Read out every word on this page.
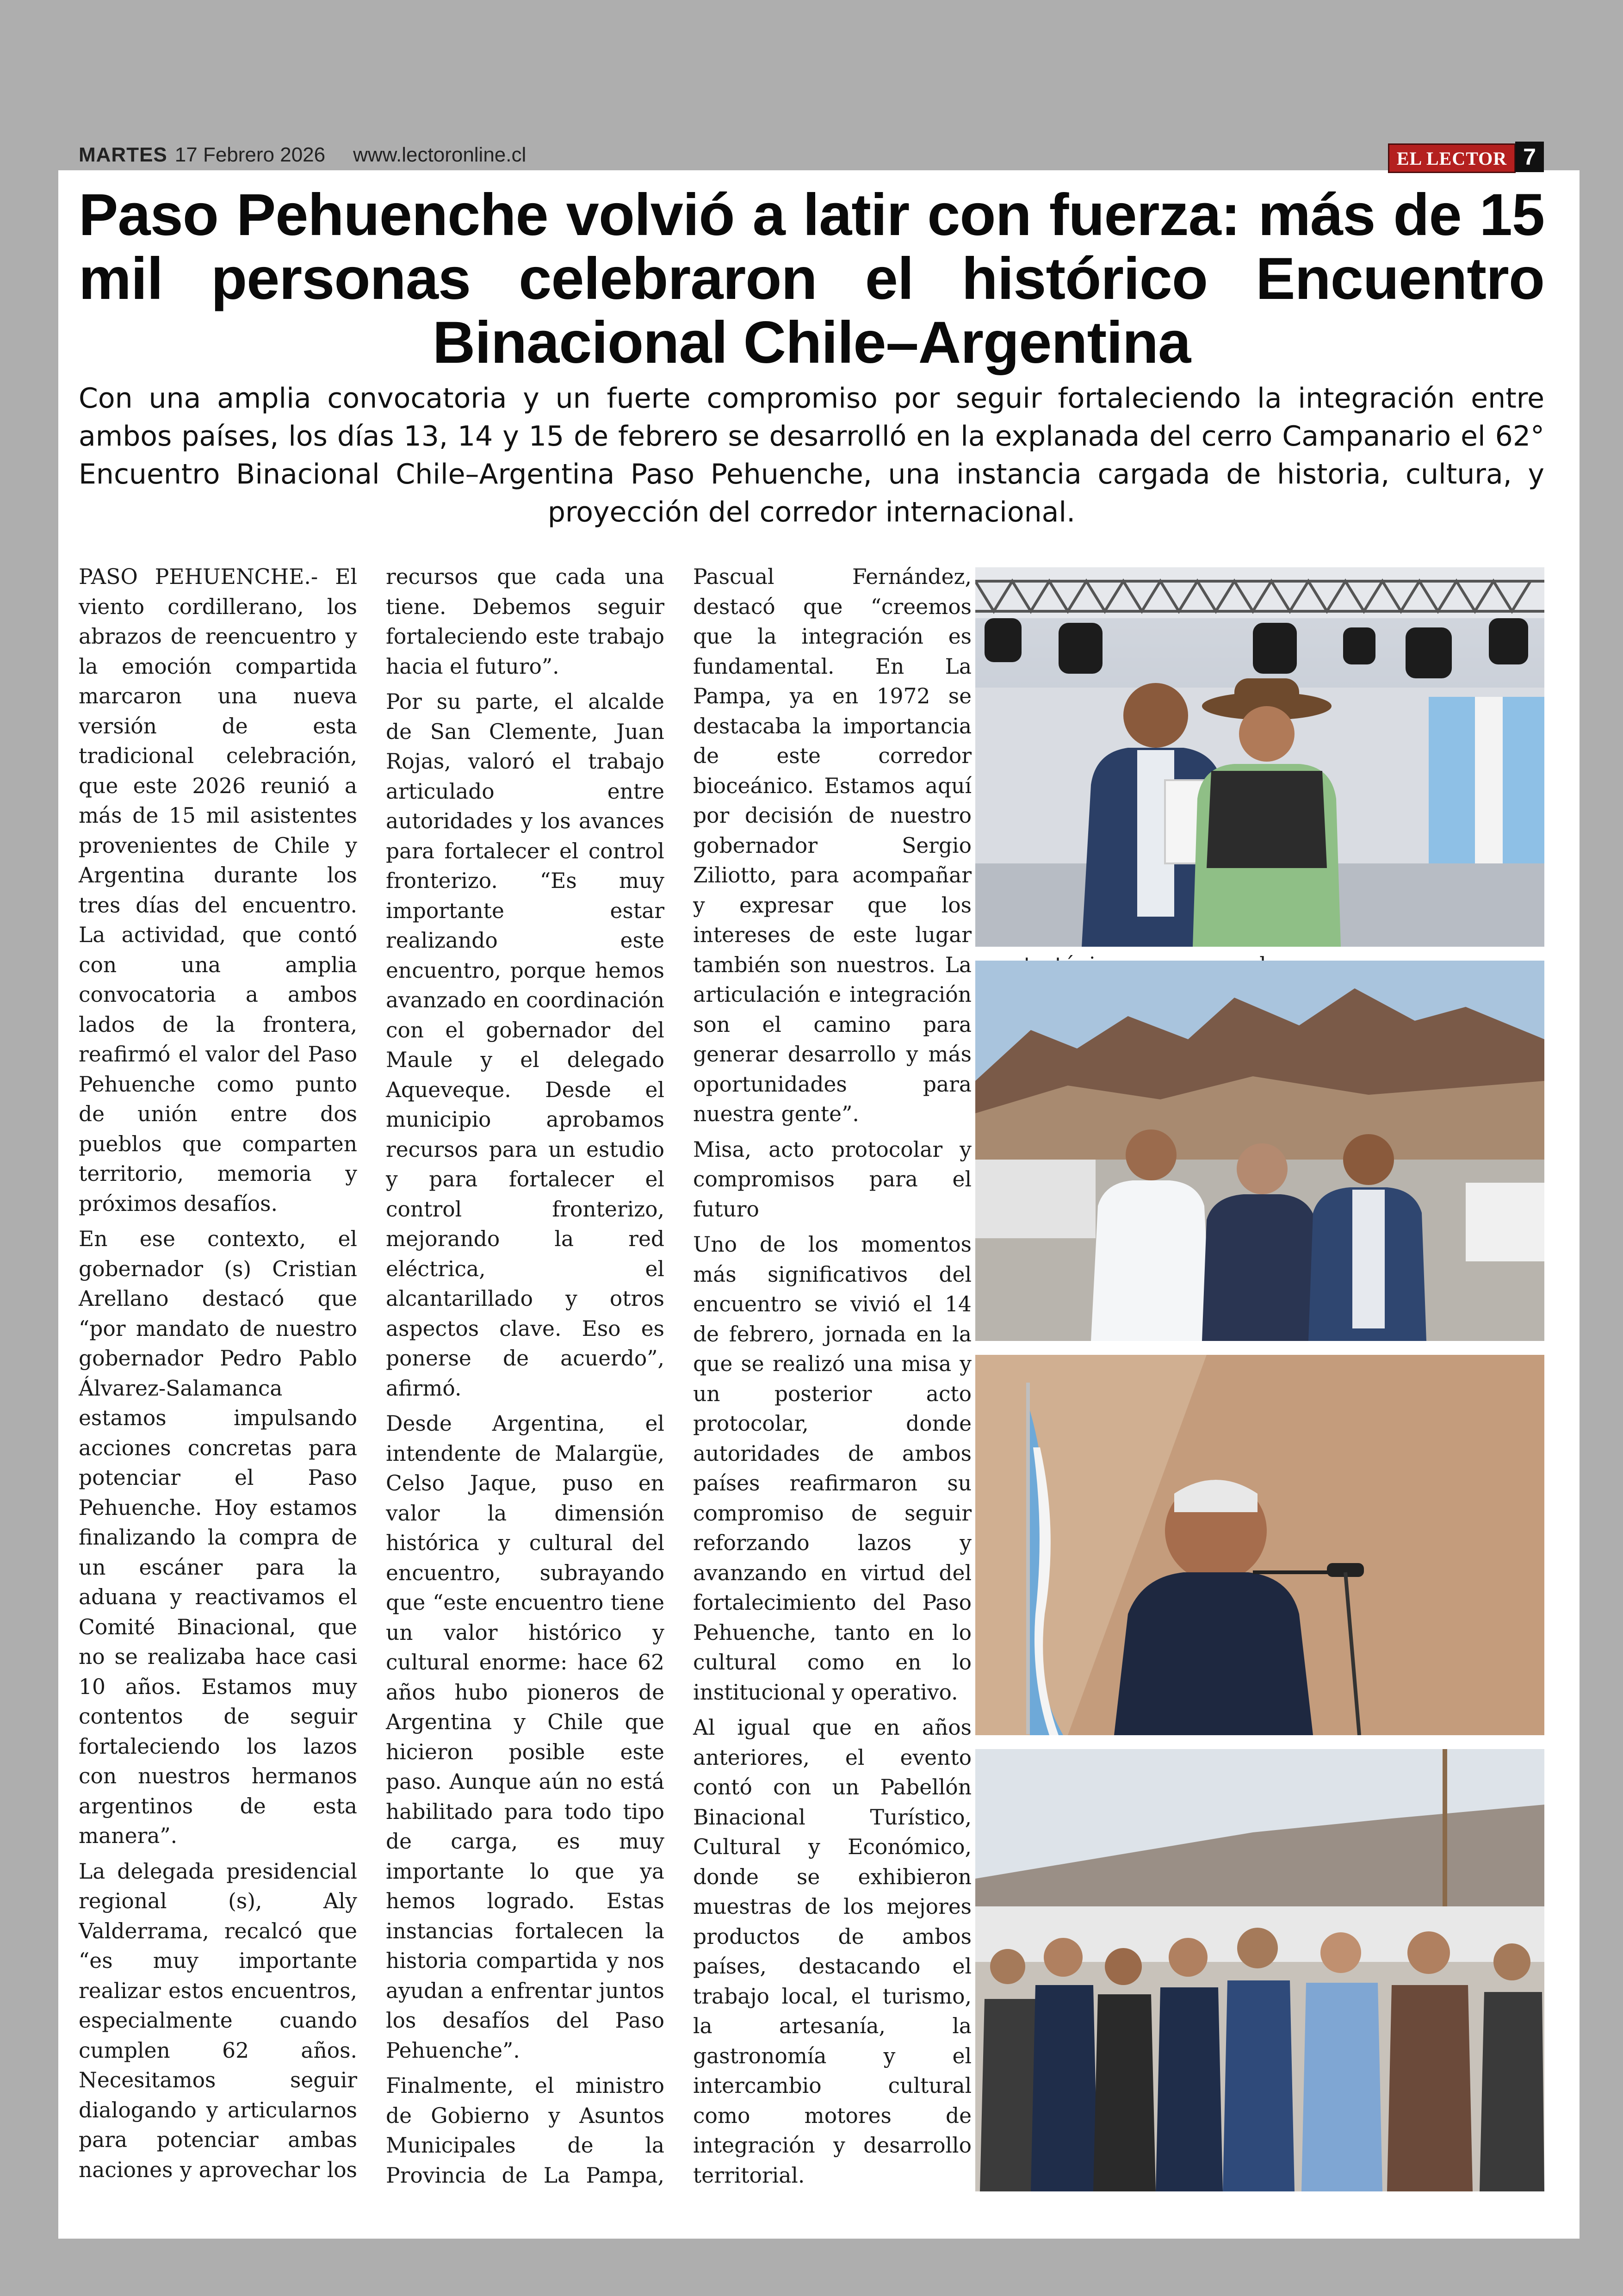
MARTES 17 Febrero 2026 www.lectoronline.cl	EL LECTOR 7
Paso Pehuenche volvió a latir con fuerza: más de 15 mil personas celebraron el histórico Encuentro Binacional Chile–Argentina

Con una amplia convocatoria y un fuerte compromiso por seguir fortaleciendo la integración entre ambos países, los días 13, 14 y 15 de febrero se desarrolló en la explanada del cerro Campanario el 62° Encuentro Binacional Chile–Argentina Paso Pehuenche, una instancia cargada de historia, cultura, y proyección del corredor internacional.

PASO PEHUENCHE.- El viento cordillerano, los abrazos de reencuentro y la emoción compartida marcaron una nueva versión de esta tradicional celebración, que este 2026 reunió a más de 15 mil asistentes provenientes de Chile y Argentina durante los tres días del encuentro. La actividad, que contó con una amplia convocatoria a ambos lados de la frontera, reafirmó el valor del Paso Pehuenche como punto de unión entre dos pueblos que comparten territorio, memoria y próximos desafíos.

En ese contexto, el gobernador (s) Cristian Arellano destacó que “por mandato de nuestro gobernador Pedro Pablo Álvarez-Salamanca estamos impulsando acciones concretas para potenciar el Paso Pehuenche. Hoy estamos finalizando la compra de un escáner para la aduana y reactivamos el Comité Binacional, que no se realizaba hace casi 10 años. Estamos muy contentos de seguir fortaleciendo los lazos con nuestros hermanos argentinos de esta manera”.

La delegada presidencial regional (s), Aly Valderrama, recalcó que “es muy importante realizar estos encuentros, especialmente cuando cumplen 62 años. Necesitamos seguir dialogando y articularnos para potenciar ambas naciones y aprovechar los recursos que cada una tiene. Debemos seguir fortaleciendo este trabajo hacia el futuro”.

Por su parte, el alcalde de San Clemente, Juan Rojas, valoró el trabajo articulado entre autoridades y los avances para fortalecer el control fronterizo. “Es muy importante estar realizando este encuentro, porque hemos avanzado en coordinación con el gobernador del Maule y el delegado Aqueveque. Desde el municipio aprobamos recursos para un estudio y para fortalecer el control fronterizo, mejorando la red eléctrica, el alcantarillado y otros aspectos clave. Eso es ponerse de acuerdo”, afirmó.

Desde Argentina, el intendente de Malargüe, Celso Jaque, puso en valor la dimensión histórica y cultural del encuentro, subrayando que “este encuentro tiene un valor histórico y cultural enorme: hace 62 años hubo pioneros de Argentina y Chile que hicieron posible este paso. Aunque aún no está habilitado para todo tipo de carga, es muy importante lo que ya hemos logrado. Estas instancias fortalecen la historia compartida y nos ayudan a enfrentar juntos los desafíos del Paso Pehuenche”.

Finalmente, el ministro de Gobierno y Asuntos Municipales de la Provincia de La Pampa, Pascual Fernández, destacó que “creemos que la integración es fundamental. En La Pampa, ya en 1972 se destacaba la importancia de este corredor bioceánico. Estamos aquí por decisión de nuestro gobernador Sergio Ziliotto, para acompañar y expresar que los intereses de este lugar también son nuestros. La articulación e integración son el camino para generar desarrollo y más oportunidades para nuestra gente”.

Misa, acto protocolar y compromisos para el futuro

Uno de los momentos más significativos del encuentro se vivió el 14 de febrero, jornada en la que se realizó una misa y un posterior acto protocolar, donde autoridades de ambos países reafirmaron su compromiso de seguir reforzando lazos y avanzando en virtud del fortalecimiento del Paso Pehuenche, tanto en lo cultural como en lo institucional y operativo.

Al igual que en años anteriores, el evento contó con un Pabellón Binacional Turístico, Cultural y Económico, donde se exhibieron muestras de los mejores productos de ambos países, destacando el trabajo local, el turismo, la artesanía, la gastronomía y el intercambio cultural como motores de integración y desarrollo territorial.
